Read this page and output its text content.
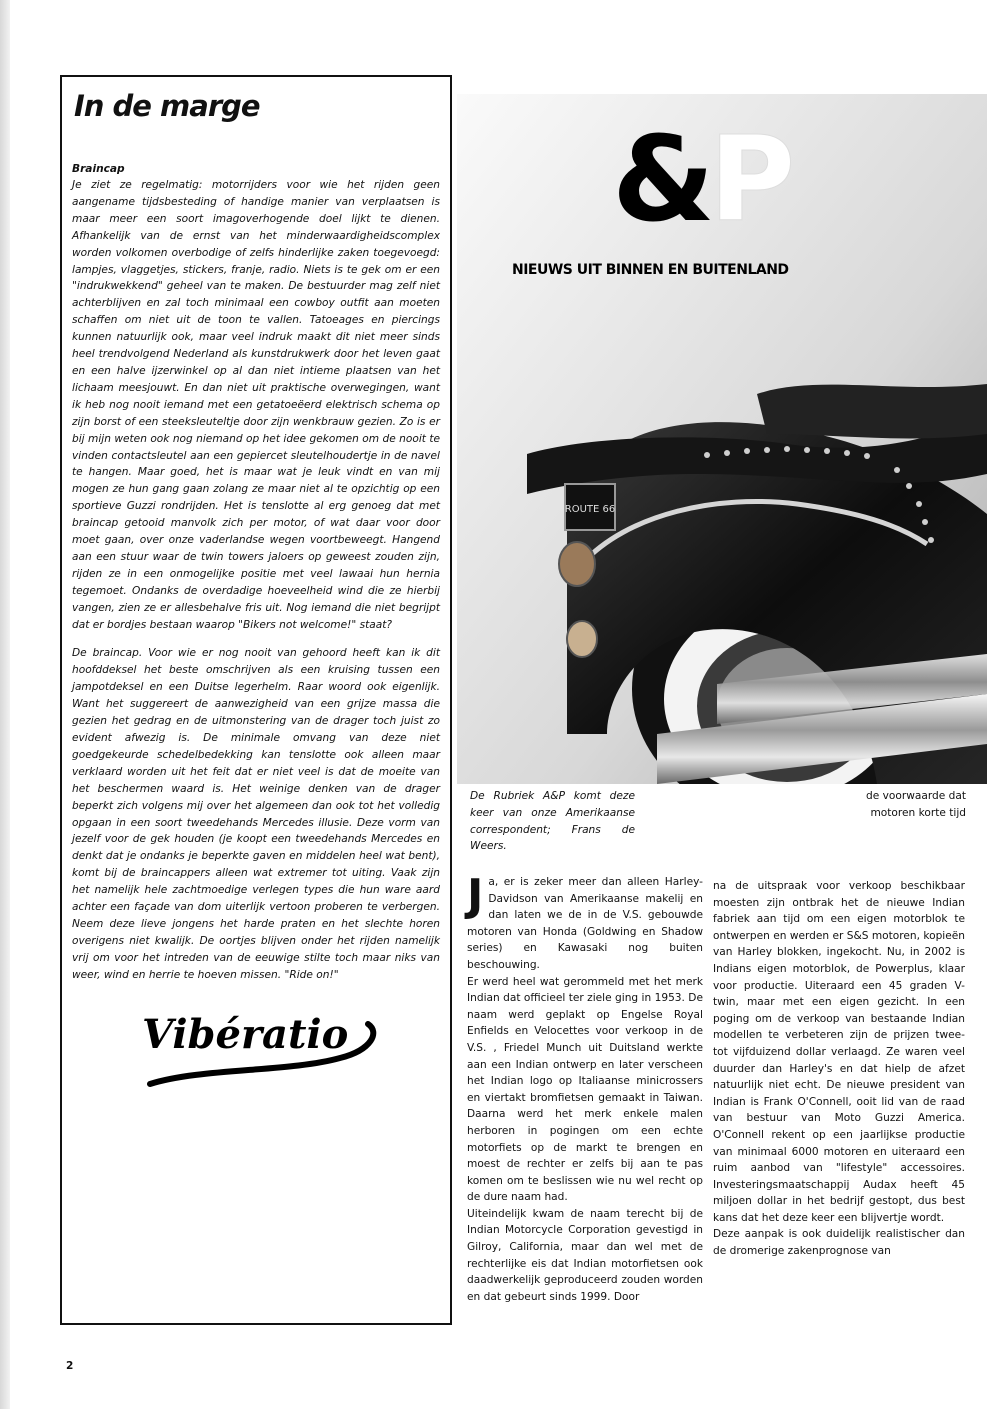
In de marge
Braincap

Je ziet ze regelmatig: motorrijders voor wie het rijden geen aangename tijdsbesteding of handige manier van verplaatsen is maar meer een soort imagoverhogende doel lijkt te dienen. Afhankelijk van de ernst van het minderwaardigheidscomplex worden volkomen overbodige of zelfs hinderlijke zaken toegevoegd: lampjes, vlaggetjes, stickers, franje, radio. Niets is te gek om er een "indrukwekkend" geheel van te maken. De bestuurder mag zelf niet achterblijven en zal toch minimaal een cowboy outfit aan moeten schaffen om niet uit de toon te vallen. Tatoeages en piercings kunnen natuurlijk ook, maar veel indruk maakt dit niet meer sinds heel trendvolgend Nederland als kunstdrukwerk door het leven gaat en een halve ijzerwinkel op al dan niet intieme plaatsen van het lichaam meesjouwt. En dan niet uit praktische overwegingen, want ik heb nog nooit iemand met een getatoeëerd elektrisch schema op zijn borst of een steeksleuteltje door zijn wenkbrauw gezien. Zo is er bij mijn weten ook nog niemand op het idee gekomen om de nooit te vinden contactsleutel aan een gepiercet sleutelhoudertje in de navel te hangen. Maar goed, het is maar wat je leuk vindt en van mij mogen ze hun gang gaan zolang ze maar niet al te opzichtig op een sportieve Guzzi rondrijden. Het is tenslotte al erg genoeg dat met braincap getooid manvolk zich per motor, of wat daar voor door moet gaan, over onze vaderlandse wegen voortbeweegt. Hangend aan een stuur waar de twin towers jaloers op geweest zouden zijn, rijden ze in een onmogelijke positie met veel lawaai hun hernia tegemoet. Ondanks de overdadige hoeveelheid wind die ze hierbij vangen, zien ze er allesbehalve fris uit. Nog iemand die niet begrijpt dat er bordjes bestaan waarop "Bikers not welcome!" staat?

De braincap. Voor wie er nog nooit van gehoord heeft kan ik dit hoofddeksel het beste omschrijven als een kruising tussen een jampotdeksel en een Duitse legerhelm. Raar woord ook eigenlijk. Want het suggereert de aanwezigheid van een grijze massa die gezien het gedrag en de uitmonstering van de drager toch juist zo evident afwezig is. De minimale omvang van deze niet goedgekeurde schedelbedekking kan tenslotte ook alleen maar verklaard worden uit het feit dat er niet veel is dat de moeite van het beschermen waard is. Het weinige denken van de drager beperkt zich volgens mij over het algemeen dan ook tot het volledig opgaan in een soort tweedehands Mercedes illusie. Deze vorm van jezelf voor de gek houden (je koopt een tweedehands Mercedes en denkt dat je ondanks je beperkte gaven en middelen heel wat bent), komt bij de braincappers alleen wat extremer tot uiting. Vaak zijn het namelijk hele zachtmoedige verlegen types die hun ware aard achter een façade van dom uiterlijk vertoon proberen te verbergen. Neem deze lieve jongens het harde praten en het slechte horen overigens niet kwalijk. De oortjes blijven onder het rijden namelijk vrij om voor het intreden van de eeuwige stilte toch maar niks van weer, wind en herrie te hoeven missen. "Ride on!"

Vibératio
ROUTE 66
&P
NIEUWS UIT BINNEN EN BUITENLAND
De Rubriek A&P komt deze keer van onze Amerikaanse correspondent; Frans de Weers.
de voorwaarde dat motoren korte tijd
J a, er is zeker meer dan alleen Harley-Davidson van Amerikaanse makelij en dan laten we de in de V.S. gebouwde motoren van Honda (Goldwing en Shadow series) en Kawasaki nog buiten beschouwing.

Er werd heel wat gerommeld met het merk Indian dat officieel ter ziele ging in 1953. De naam werd geplakt op Engelse Royal Enfields en Velocettes voor verkoop in de V.S. , Friedel Munch uit Duitsland werkte aan een Indian ontwerp en later verscheen het Indian logo op Italiaanse minicrossers en viertakt bromfietsen gemaakt in Taiwan. Daarna werd het merk enkele malen herboren in pogingen om een echte motorfiets op de markt te brengen en moest de rechter er zelfs bij aan te pas komen om te beslissen wie nu wel recht op de dure naam had.

Uiteindelijk kwam de naam terecht bij de Indian Motorcycle Corporation gevestigd in Gilroy, California, maar dan wel met de rechterlijke eis dat Indian motorfietsen ook daadwerkelijk geproduceerd zouden worden en dat gebeurt sinds 1999. Door

na de uitspraak voor verkoop beschikbaar moesten zijn ontbrak het de nieuwe Indian fabriek aan tijd om een eigen motorblok te ontwerpen en werden er S&S motoren, kopieën van Harley blokken, ingekocht. Nu, in 2002 is Indians eigen motorblok, de Powerplus, klaar voor productie. Uiteraard een 45 graden V-twin, maar met een eigen gezicht. In een poging om de verkoop van bestaande Indian modellen te verbeteren zijn de prijzen twee- tot vijfduizend dollar verlaagd. Ze waren veel duurder dan Harley's en dat hielp de afzet natuurlijk niet echt. De nieuwe president van Indian is Frank O'Connell, ooit lid van de raad van bestuur van Moto Guzzi America. O'Connell rekent op een jaarlijkse productie van minimaal 6000 motoren en uiteraard een ruim aanbod van "lifestyle" accessoires. Investeringsmaatschappij Audax heeft 45 miljoen dollar in het bedrijf gestopt, dus best kans dat het deze keer een blijvertje wordt.

Deze aanpak is ook duidelijk realistischer dan de dromerige zakenprognose van

2
